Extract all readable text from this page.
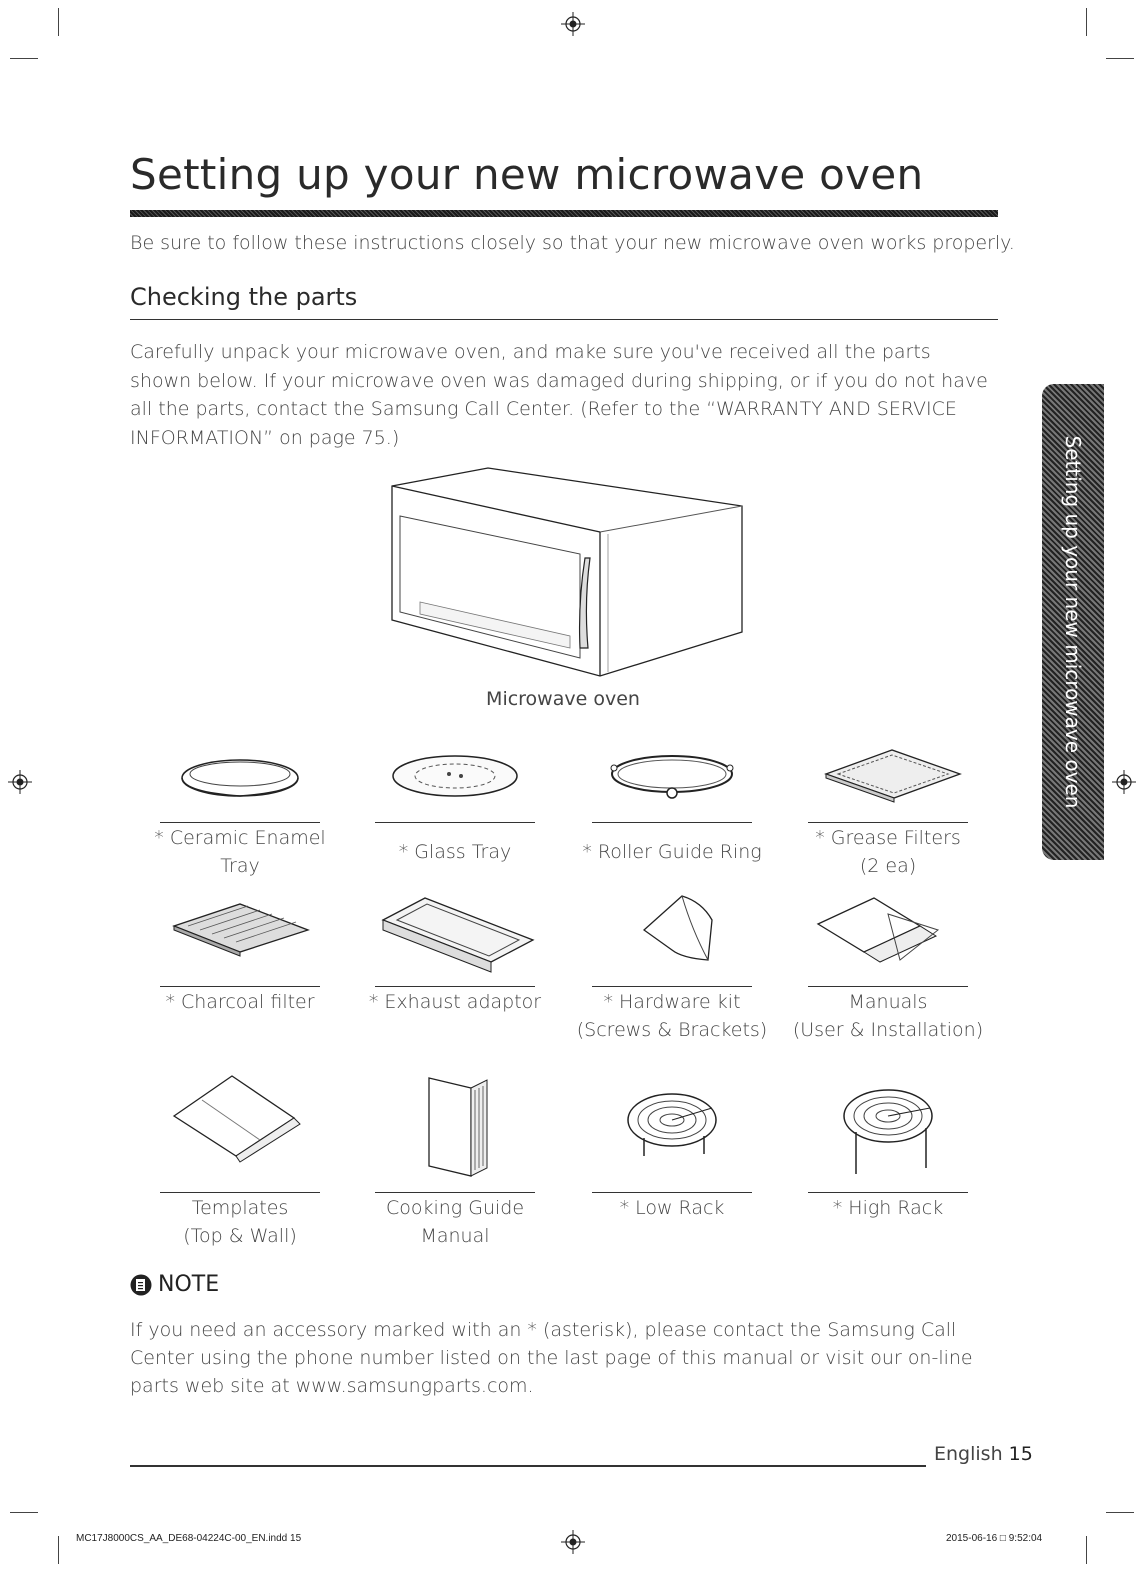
Setting up your new microwave oven

Be sure to follow these instructions closely so that your new microwave oven works properly.

Checking the parts

Carefully unpack your microwave oven, and make sure you've received all the parts shown below. If your microwave oven was damaged during shipping, or if you do not have all the parts, contact the Samsung Call Center. (Refer to the “WARRANTY AND SERVICE INFORMATION” on page 75.)	Setting up your new microwave oven
Microwave oven
* Ceramic Enamel
Tray
* Glass Tray	* Roller Guide Ring
* Grease Filters
(2 ea)
* Charcoal filter	* Exhaust adaptor	* Hardware kit
(Screws & Brackets)
Manuals
(User & Installation)
Templates
(Top & Wall)
Cooking Guide
Manual
* Low Rack	* High Rack
NOTE

If you need an accessory marked with an * (asterisk), please contact the Samsung Call Center using the phone number listed on the last page of this manual or visit our on-line parts web site at www.samsungparts.com.

English 15
MC17J8000CS_AA_DE68-04224C-00_EN.indd 15	2015-06-16 □ 9:52:04
